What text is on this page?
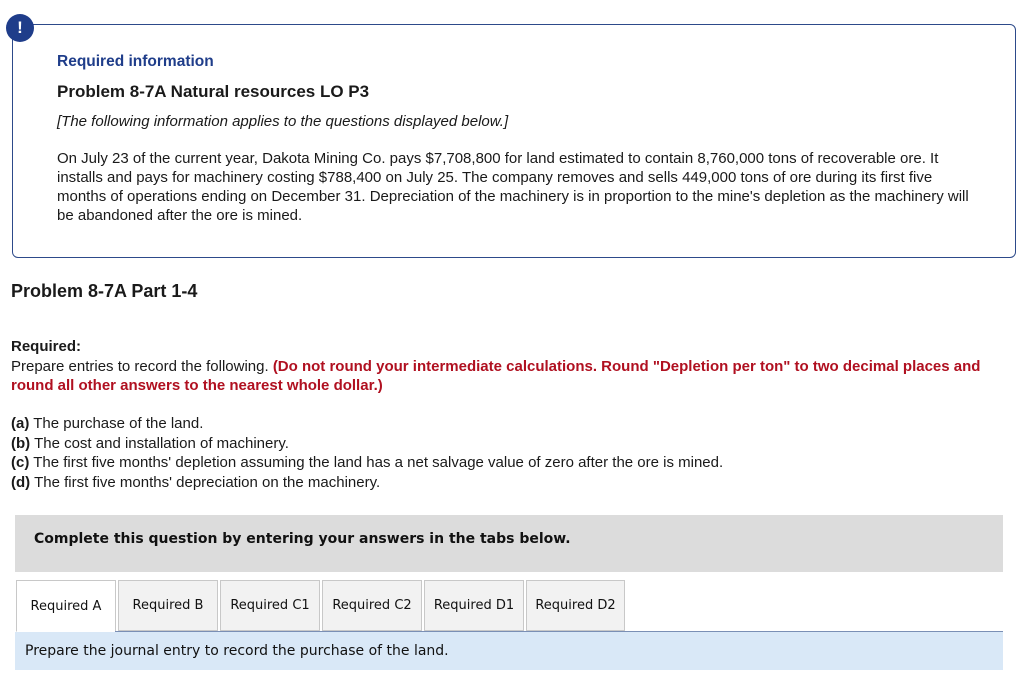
!

Required information

Problem 8-7A Natural resources LO P3

[The following information applies to the questions displayed below.]

On July 23 of the current year, Dakota Mining Co. pays $7,708,800 for land estimated to contain 8,760,000 tons of recoverable ore. It installs and pays for machinery costing $788,400 on July 25. The company removes and sells 449,000 tons of ore during its first five months of operations ending on December 31. Depreciation of the machinery is in proportion to the mine's depletion as the machinery will be abandoned after the ore is mined.

Problem 8-7A Part 1-4
Required:
Prepare entries to record the following. (Do not round your intermediate calculations. Round "Depletion per ton" to two decimal places and round all other answers to the nearest whole dollar.)
(a) The purchase of the land.
(b) The cost and installation of machinery.
(c) The first five months' depletion assuming the land has a net salvage value of zero after the ore is mined.
(d) The first five months' depreciation on the machinery.
Complete this question by entering your answers in the tabs below.
Required A	Required B	Required C1	Required C2	Required D1	Required D2
Prepare the journal entry to record the purchase of the land.
